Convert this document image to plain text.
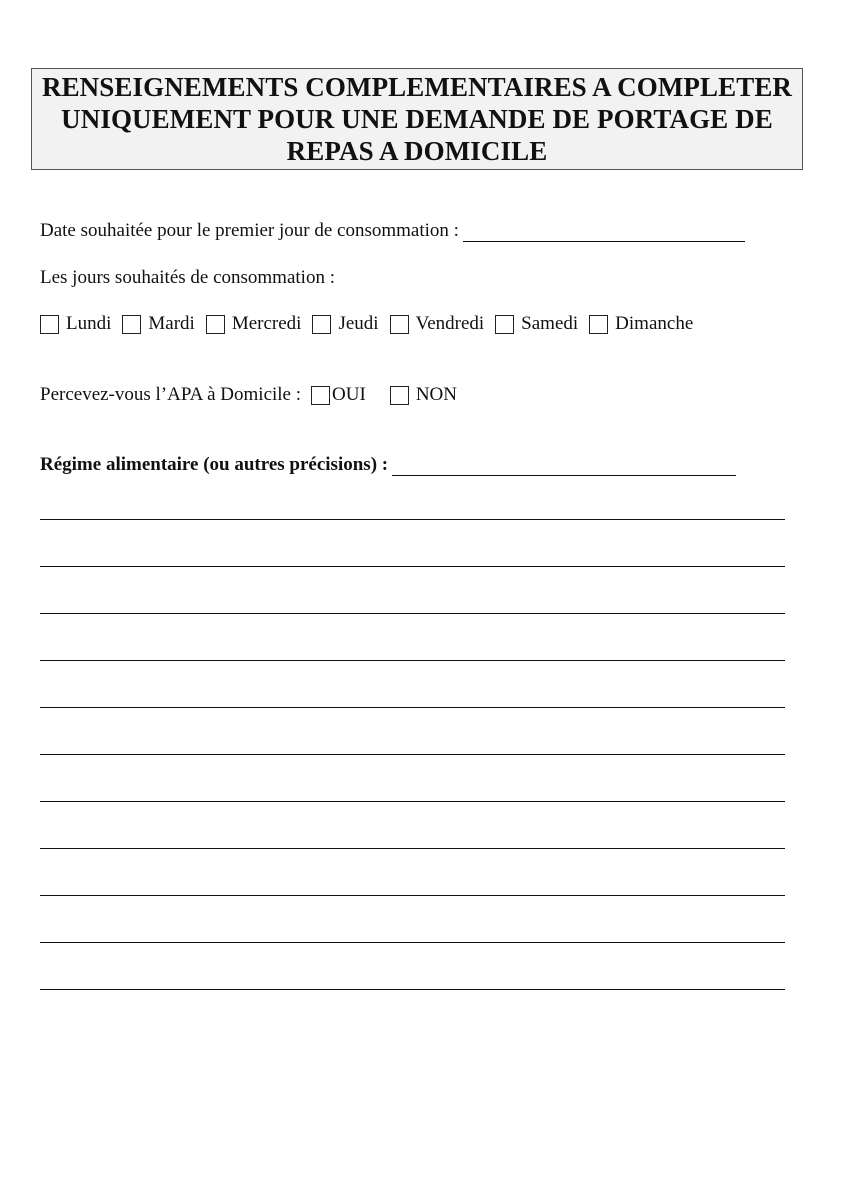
RENSEIGNEMENTS COMPLEMENTAIRES A COMPLETER UNIQUEMENT POUR UNE DEMANDE DE PORTAGE DE REPAS A DOMICILE
Date souhaitée pour le premier jour de consommation :
Les jours souhaités de consommation :
Lundi Mardi Mercredi Jeudi Vendredi Samedi Dimanche
Percevez-vous l’APA à Domicile : OUI	NON
Régime alimentaire (ou autres précisions) :
